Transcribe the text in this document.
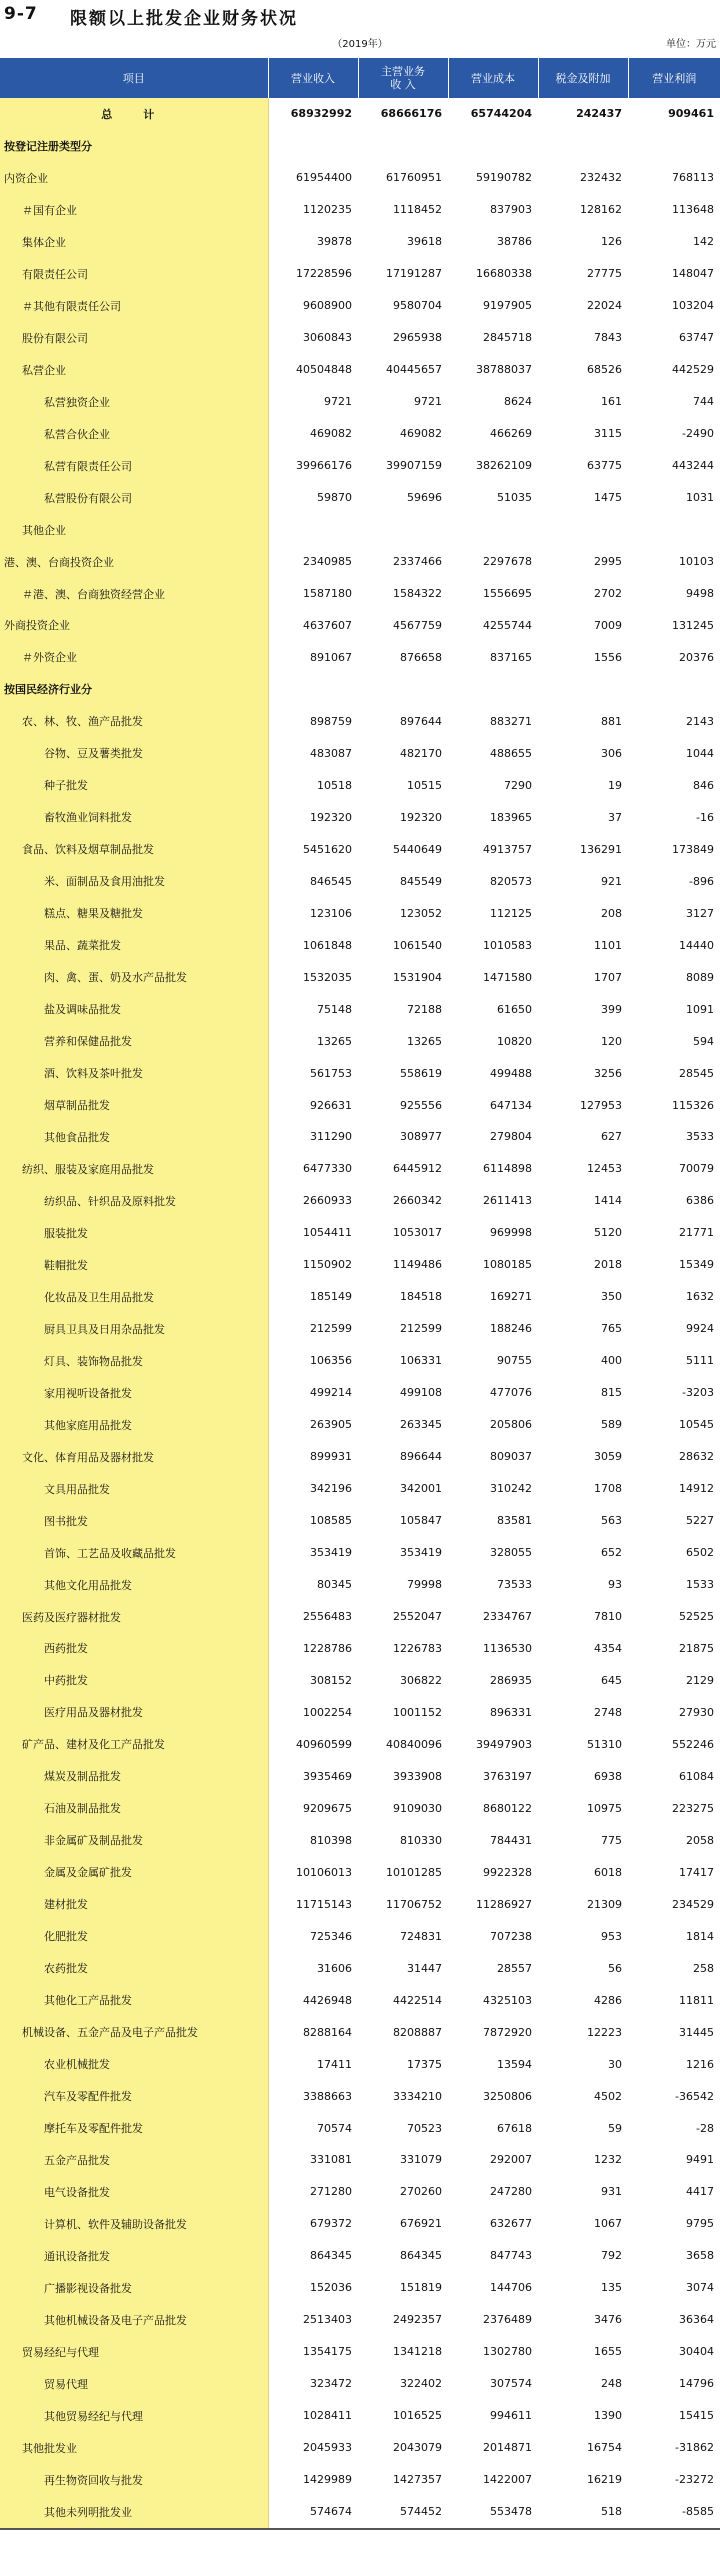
9-7 限额以上批发企业财务状况
（2019年）	单位：万元
项目	营业收入	主营业务
收 入	营业成本	税金及附加	营业利润
总　计	68932992	68666176	65744204	242437	909461
按登记注册类型分					
内资企业	61954400	61760951	59190782	232432	768113
＃国有企业	1120235	1118452	837903	128162	113648
集体企业	39878	39618	38786	126	142
有限责任公司	17228596	17191287	16680338	27775	148047
＃其他有限责任公司	9608900	9580704	9197905	22024	103204
股份有限公司	3060843	2965938	2845718	7843	63747
私营企业	40504848	40445657	38788037	68526	442529
私营独资企业	9721	9721	8624	161	744
私营合伙企业	469082	469082	466269	3115	-2490
私营有限责任公司	39966176	39907159	38262109	63775	443244
私营股份有限公司	59870	59696	51035	1475	1031
其他企业					
港、澳、台商投资企业	2340985	2337466	2297678	2995	10103
＃港、澳、台商独资经营企业	1587180	1584322	1556695	2702	9498
外商投资企业	4637607	4567759	4255744	7009	131245
＃外资企业	891067	876658	837165	1556	20376
按国民经济行业分					
农、林、牧、渔产品批发	898759	897644	883271	881	2143
谷物、豆及薯类批发	483087	482170	488655	306	1044
种子批发	10518	10515	7290	19	846
畜牧渔业饲料批发	192320	192320	183965	37	-16
食品、饮料及烟草制品批发	5451620	5440649	4913757	136291	173849
米、面制品及食用油批发	846545	845549	820573	921	-896
糕点、糖果及糖批发	123106	123052	112125	208	3127
果品、蔬菜批发	1061848	1061540	1010583	1101	14440
肉、禽、蛋、奶及水产品批发	1532035	1531904	1471580	1707	8089
盐及调味品批发	75148	72188	61650	399	1091
营养和保健品批发	13265	13265	10820	120	594
酒、饮料及茶叶批发	561753	558619	499488	3256	28545
烟草制品批发	926631	925556	647134	127953	115326
其他食品批发	311290	308977	279804	627	3533
纺织、服装及家庭用品批发	6477330	6445912	6114898	12453	70079
纺织品、针织品及原料批发	2660933	2660342	2611413	1414	6386
服装批发	1054411	1053017	969998	5120	21771
鞋帽批发	1150902	1149486	1080185	2018	15349
化妆品及卫生用品批发	185149	184518	169271	350	1632
厨具卫具及日用杂品批发	212599	212599	188246	765	9924
灯具、装饰物品批发	106356	106331	90755	400	5111
家用视听设备批发	499214	499108	477076	815	-3203
其他家庭用品批发	263905	263345	205806	589	10545
文化、体育用品及器材批发	899931	896644	809037	3059	28632
文具用品批发	342196	342001	310242	1708	14912
图书批发	108585	105847	83581	563	5227
首饰、工艺品及收藏品批发	353419	353419	328055	652	6502
其他文化用品批发	80345	79998	73533	93	1533
医药及医疗器材批发	2556483	2552047	2334767	7810	52525
西药批发	1228786	1226783	1136530	4354	21875
中药批发	308152	306822	286935	645	2129
医疗用品及器材批发	1002254	1001152	896331	2748	27930
矿产品、建材及化工产品批发	40960599	40840096	39497903	51310	552246
煤炭及制品批发	3935469	3933908	3763197	6938	61084
石油及制品批发	9209675	9109030	8680122	10975	223275
非金属矿及制品批发	810398	810330	784431	775	2058
金属及金属矿批发	10106013	10101285	9922328	6018	17417
建材批发	11715143	11706752	11286927	21309	234529
化肥批发	725346	724831	707238	953	1814
农药批发	31606	31447	28557	56	258
其他化工产品批发	4426948	4422514	4325103	4286	11811
机械设备、五金产品及电子产品批发	8288164	8208887	7872920	12223	31445
农业机械批发	17411	17375	13594	30	1216
汽车及零配件批发	3388663	3334210	3250806	4502	-36542
摩托车及零配件批发	70574	70523	67618	59	-28
五金产品批发	331081	331079	292007	1232	9491
电气设备批发	271280	270260	247280	931	4417
计算机、软件及辅助设备批发	679372	676921	632677	1067	9795
通讯设备批发	864345	864345	847743	792	3658
广播影视设备批发	152036	151819	144706	135	3074
其他机械设备及电子产品批发	2513403	2492357	2376489	3476	36364
贸易经纪与代理	1354175	1341218	1302780	1655	30404
贸易代理	323472	322402	307574	248	14796
其他贸易经纪与代理	1028411	1016525	994611	1390	15415
其他批发业	2045933	2043079	2014871	16754	-31862
再生物资回收与批发	1429989	1427357	1422007	16219	-23272
其他未列明批发业	574674	574452	553478	518	-8585
